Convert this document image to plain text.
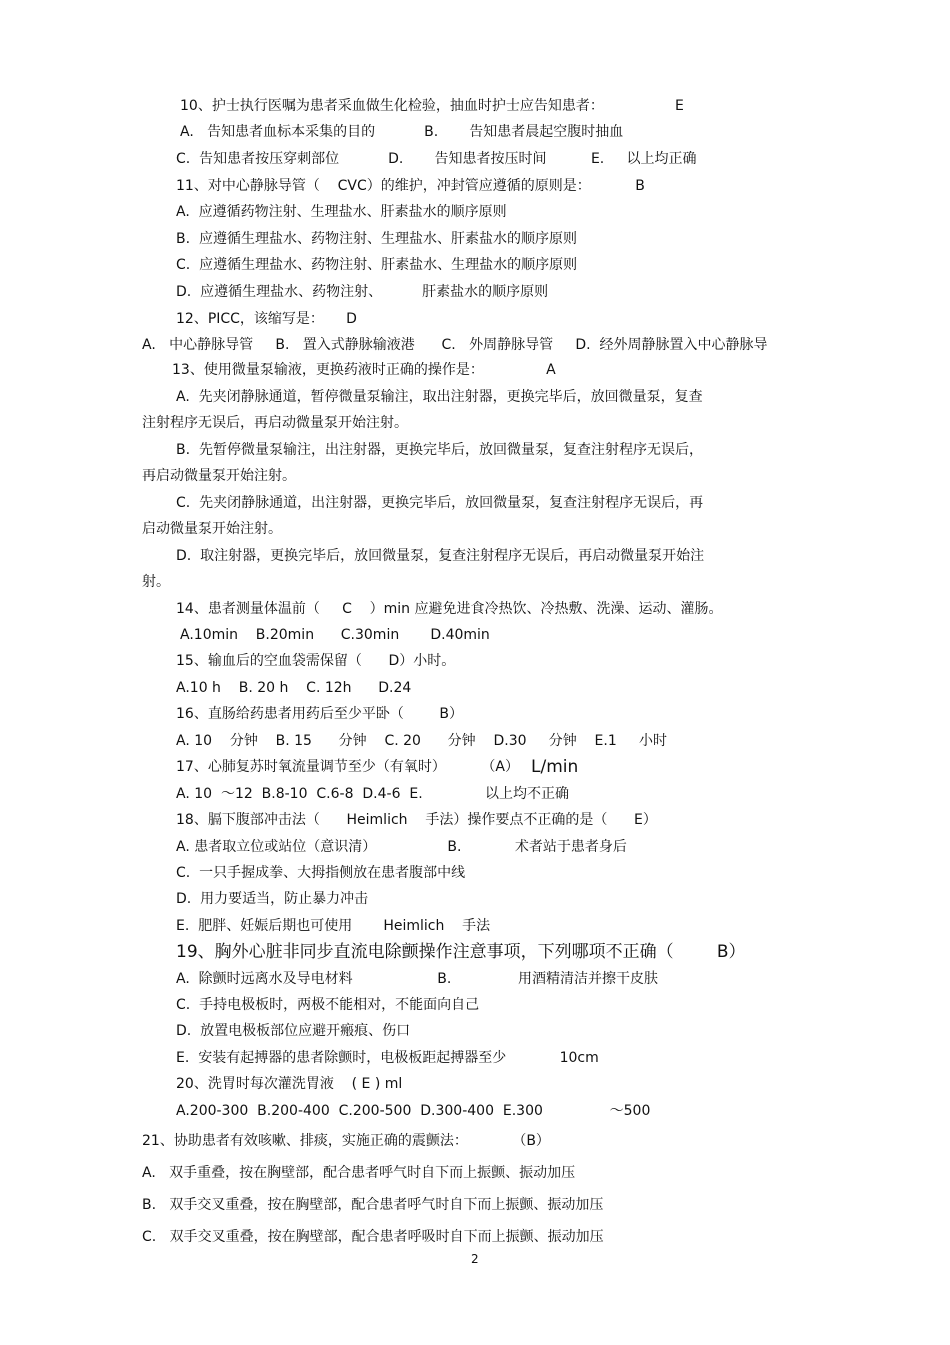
10、护士执行医嘱为患者采血做生化检验，抽血时护士应告知患者：                E
A.   告知患者血标本采集的目的           B.       告知患者晨起空腹时抽血
C.  告知患者按压穿刺部位           D.       告知患者按压时间          E.     以上均正确
11、对中心静脉导管（    CVC）的维护，冲封管应遵循的原则是：          B
A.  应遵循药物注射、生理盐水、肝素盐水的顺序原则
B.  应遵循生理盐水、药物注射、生理盐水、肝素盐水的顺序原则
C.  应遵循生理盐水、药物注射、肝素盐水、生理盐水的顺序原则
D.  应遵循生理盐水、药物注射、         肝素盐水的顺序原则
12、PICC，该缩写是：     D
A.   中心静脉导管     B.   置入式静脉输液港      C.   外周静脉导管     D.  经外周静脉置入中心静脉导
13、使用微量泵输液，更换药液时正确的操作是：              A
A.  先夹闭静脉通道，暂停微量泵输注，取出注射器，更换完毕后，放回微量泵，复查
注射程序无误后，再启动微量泵开始注射。
B.  先暂停微量泵输注，出注射器，更换完毕后，放回微量泵，复查注射程序无误后，
再启动微量泵开始注射。
C.  先夹闭静脉通道，出注射器，更换完毕后，放回微量泵，复查注射程序无误后，再
启动微量泵开始注射。
D.  取注射器，更换完毕后，放回微量泵，复查注射程序无误后，再启动微量泵开始注
射。
14、患者测量体温前（     C    ）min 应避免进食冷热饮、冷热敷、洗澡、运动、灌肠。
A.10min    B.20min      C.30min       D.40min
15、输血后的空血袋需保留（      D）小时。
A.10 h    B. 20 h    C. 12h      D.24
16、直肠给药患者用药后至少平卧（        B）
A. 10    分钟    B. 15      分钟    C. 20      分钟    D.30     分钟    E.1     小时
17、心肺复苏时氧流量调节至少（有氧时）        （A） L/min
A. 10  ～12  B.8-10  C.6-8  D.4-6  E.              以上均不正确
18、膈下腹部冲击法（      Heimlich    手法）操作要点不正确的是（      E）
A. 患者取立位或站位（意识清）                B.            术者站于患者身后
C.  一只手握成拳、大拇指侧放在患者腹部中线
D.  用力要适当，防止暴力冲击
E.  肥胖、妊娠后期也可使用       Heimlich    手法
19、胸外心脏非同步直流电除颤操作注意事项，下列哪项不正确（        B）
A.  除颤时远离水及导电材料                   B.               用酒精清洁并擦干皮肤
C.  手持电极板时，两极不能相对，不能面向自己
D.  放置电极板部位应避开瘢痕、伤口
E.  安装有起搏器的患者除颤时，电极板距起搏器至少            10cm
20、洗胃时每次灌洗胃液    ( E ) ml
A.200-300  B.200-400  C.200-500  D.300-400  E.300               ～500
21、协助患者有效咳嗽、排痰，实施正确的震颤法：          （B）
A.   双手重叠，按在胸壁部，配合患者呼气时自下而上振颤、振动加压
B.   双手交叉重叠，按在胸壁部，配合患者呼气时自下而上振颤、振动加压
C.   双手交叉重叠，按在胸壁部，配合患者呼吸时自下而上振颤、振动加压
2
